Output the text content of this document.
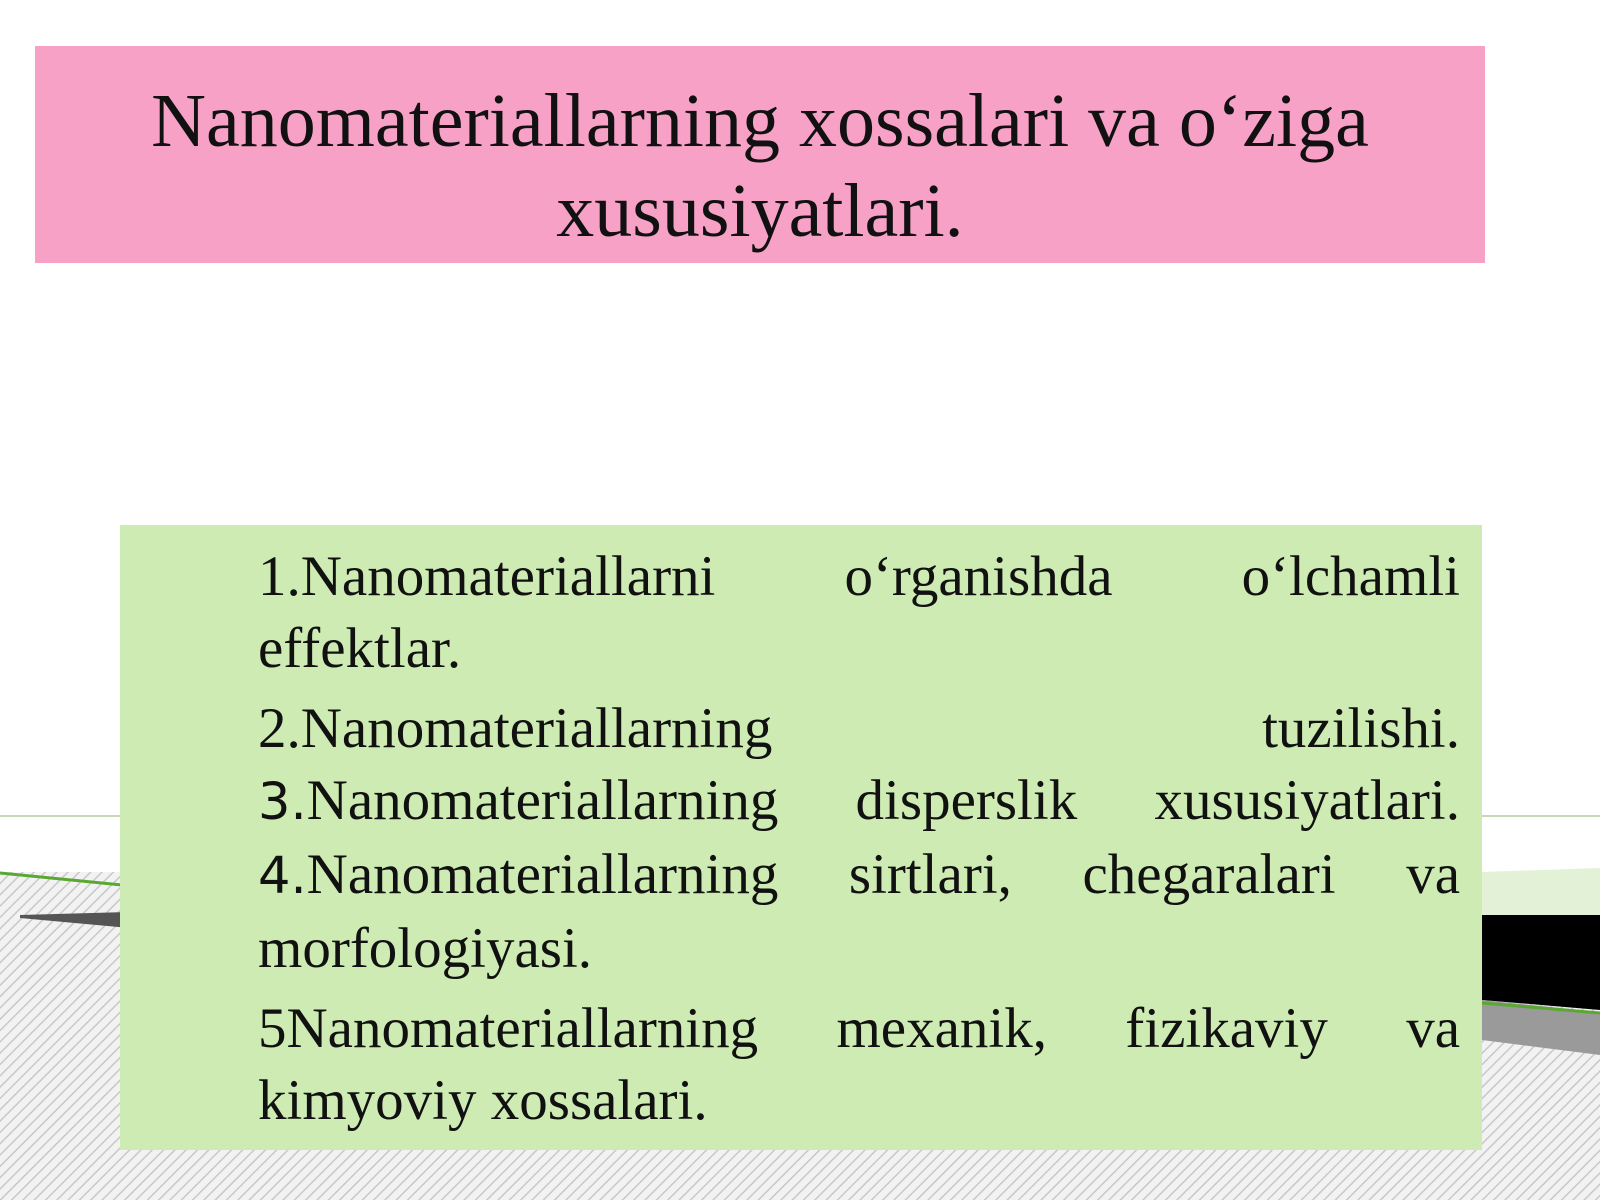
Nanomateriallarning xossalari va o‘ziga
xususiyatlari.
1.Nanomateriallarni o‘rganishda o‘lchamli
effektlar.
2.Nanomateriallarning tuzilishi.
3.Nanomateriallarning disperslik xususiyatlari.
4.Nanomateriallarning sirtlari, chegaralari va
morfologiyasi.
5Nanomateriallarning mexanik, fizikaviy va
kimyoviy xossalari.
